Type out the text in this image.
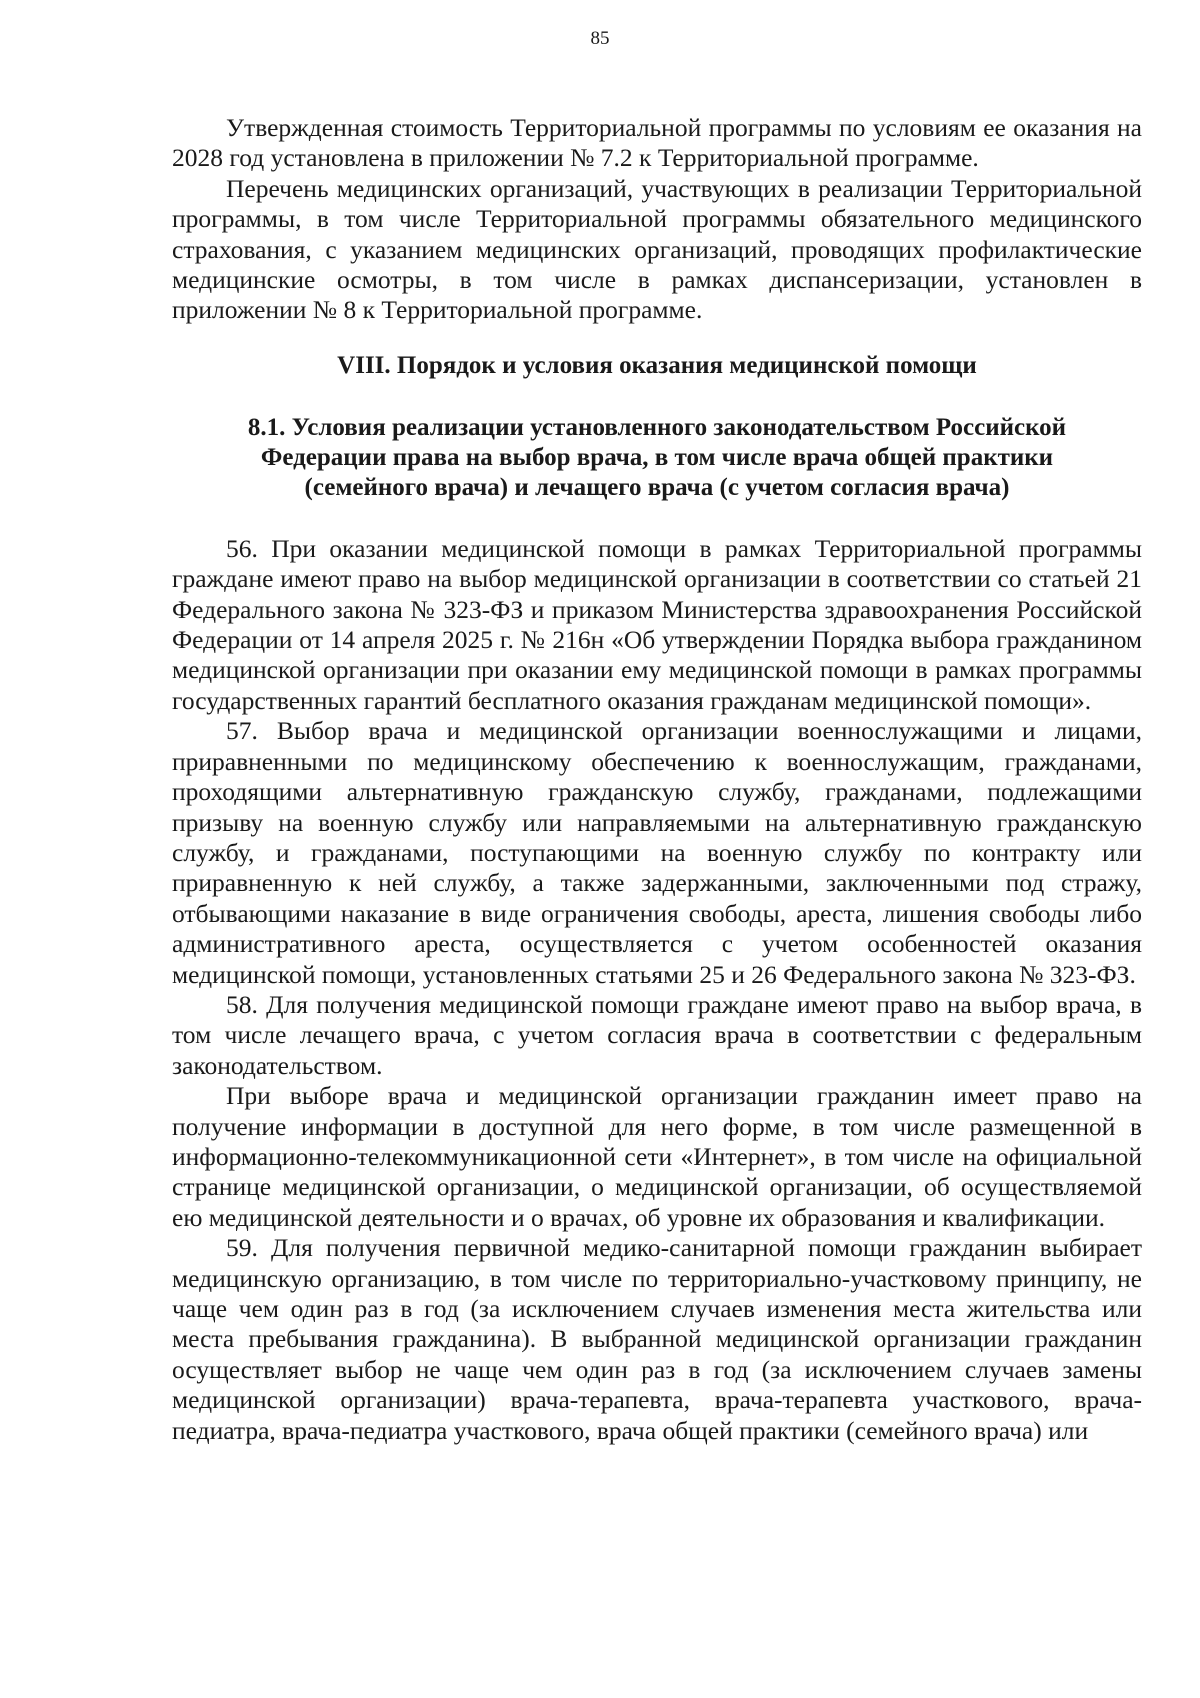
85

Утвержденная стоимость Территориальной программы по условиям ее оказания на 2028 год установлена в приложении № 7.2 к Территориальной программе.

Перечень медицинских организаций, участвующих в реализации Территориальной программы, в том числе Территориальной программы обязательного медицинского страхования, с указанием медицинских организаций, проводящих профилактические медицинские осмотры, в том числе в рамках диспансеризации, установлен в приложении № 8 к Территориальной программе.

VIII. Порядок и условия оказания медицинской помощи

8.1. Условия реализации установленного законодательством Российской Федерации права на выбор врача, в том числе врача общей практики (семейного врача) и лечащего врача (с учетом согласия врача)

56. При оказании медицинской помощи в рамках Территориальной программы граждане имеют право на выбор медицинской организации в соответствии со статьей 21 Федерального закона № 323-ФЗ и приказом Министерства здравоохранения Российской Федерации от 14 апреля 2025 г. № 216н «Об утверждении Порядка выбора гражданином медицинской организации при оказании ему медицинской помощи в рамках программы государственных гарантий бесплатного оказания гражданам медицинской помощи».

57. Выбор врача и медицинской организации военнослужащими и лицами, приравненными по медицинскому обеспечению к военнослужащим, гражданами, проходящими альтернативную гражданскую службу, гражданами, подлежащими призыву на военную службу или направляемыми на альтернативную гражданскую службу, и гражданами, поступающими на военную службу по контракту или приравненную к ней службу, а также задержанными, заключенными под стражу, отбывающими наказание в виде ограничения свободы, ареста, лишения свободы либо административного ареста, осуществляется с учетом особенностей оказания медицинской помощи, установленных статьями 25 и 26 Федерального закона № 323-ФЗ.

58. Для получения медицинской помощи граждане имеют право на выбор врача, в том числе лечащего врача, с учетом согласия врача в соответствии с федеральным законодательством.

При выборе врача и медицинской организации гражданин имеет право на получение информации в доступной для него форме, в том числе размещенной в информационно-телекоммуникационной сети «Интернет», в том числе на официальной странице медицинской организации, о медицинской организации, об осуществляемой ею медицинской деятельности и о врачах, об уровне их образования и квалификации.

59. Для получения первичной медико-санитарной помощи гражданин выбирает медицинскую организацию, в том числе по территориально-участковому принципу, не чаще чем один раз в год (за исключением случаев изменения места жительства или места пребывания гражданина). В выбранной медицинской организации гражданин осуществляет выбор не чаще чем один раз в год (за исключением случаев замены медицинской организации) врача-терапевта, врача-терапевта участкового, врача-педиатра, врача-педиатра участкового, врача общей практики (семейного врача) или
